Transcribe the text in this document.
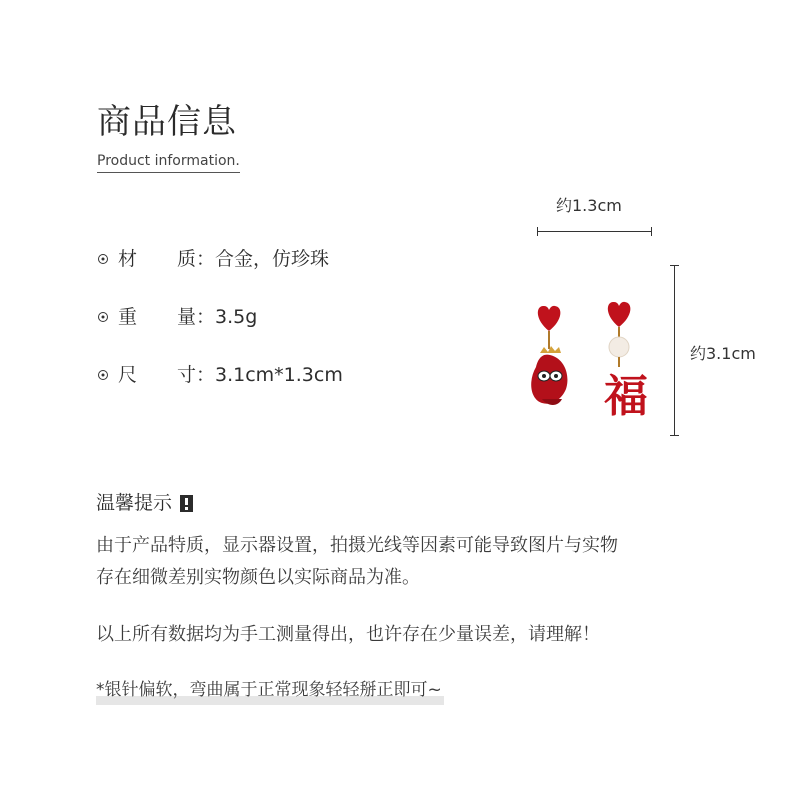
商品信息
Product information.
材 质： 合金，仿珍珠
重 量： 3.5g
尺 寸： 3.1cm*1.3cm
约1.3cm
约3.1cm
福
温馨提示

由于产品特质，显示器设置，拍摄光线等因素可能导致图片与实物

存在细微差别实物颜色以实际商品为准。

以上所有数据均为手工测量得出，也许存在少量误差，请理解！

*银针偏软，弯曲属于正常现象轻轻掰正即可~
